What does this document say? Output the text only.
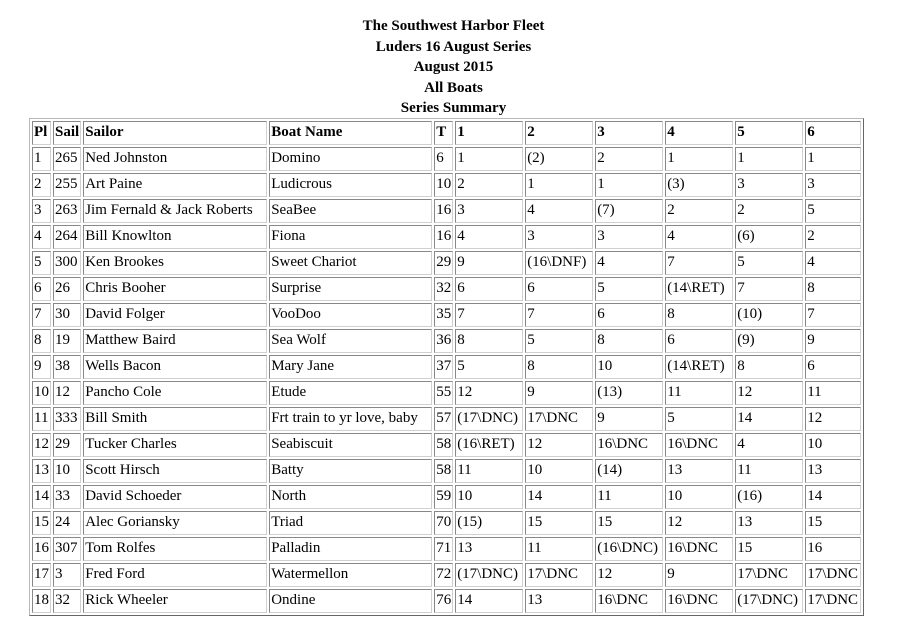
The Southwest Harbor Fleet
Luders 16 August Series
August 2015
All Boats
Series Summary
Pl	Sail	Sailor	Boat Name	T	1	2	3	4	5	6
1	265	Ned Johnston	Domino	6	1	(2)	2	1	1	1
2	255	Art Paine	Ludicrous	10	2	1	1	(3)	3	3
3	263	Jim Fernald & Jack Roberts	SeaBee	16	3	4	(7)	2	2	5
4	264	Bill Knowlton	Fiona	16	4	3	3	4	(6)	2
5	300	Ken Brookes	Sweet Chariot	29	9	(16\DNF)	4	7	5	4
6	26	Chris Booher	Surprise	32	6	6	5	(14\RET)	7	8
7	30	David Folger	VooDoo	35	7	7	6	8	(10)	7
8	19	Matthew Baird	Sea Wolf	36	8	5	8	6	(9)	9
9	38	Wells Bacon	Mary Jane	37	5	8	10	(14\RET)	8	6
10	12	Pancho Cole	Etude	55	12	9	(13)	11	12	11
11	333	Bill Smith	Frt train to yr love, baby	57	(17\DNC)	17\DNC	9	5	14	12
12	29	Tucker Charles	Seabiscuit	58	(16\RET)	12	16\DNC	16\DNC	4	10
13	10	Scott Hirsch	Batty	58	11	10	(14)	13	11	13
14	33	David Schoeder	North	59	10	14	11	10	(16)	14
15	24	Alec Goriansky	Triad	70	(15)	15	15	12	13	15
16	307	Tom Rolfes	Palladin	71	13	11	(16\DNC)	16\DNC	15	16
17	3	Fred Ford	Watermellon	72	(17\DNC)	17\DNC	12	9	17\DNC	17\DNC
18	32	Rick Wheeler	Ondine	76	14	13	16\DNC	16\DNC	(17\DNC)	17\DNC
